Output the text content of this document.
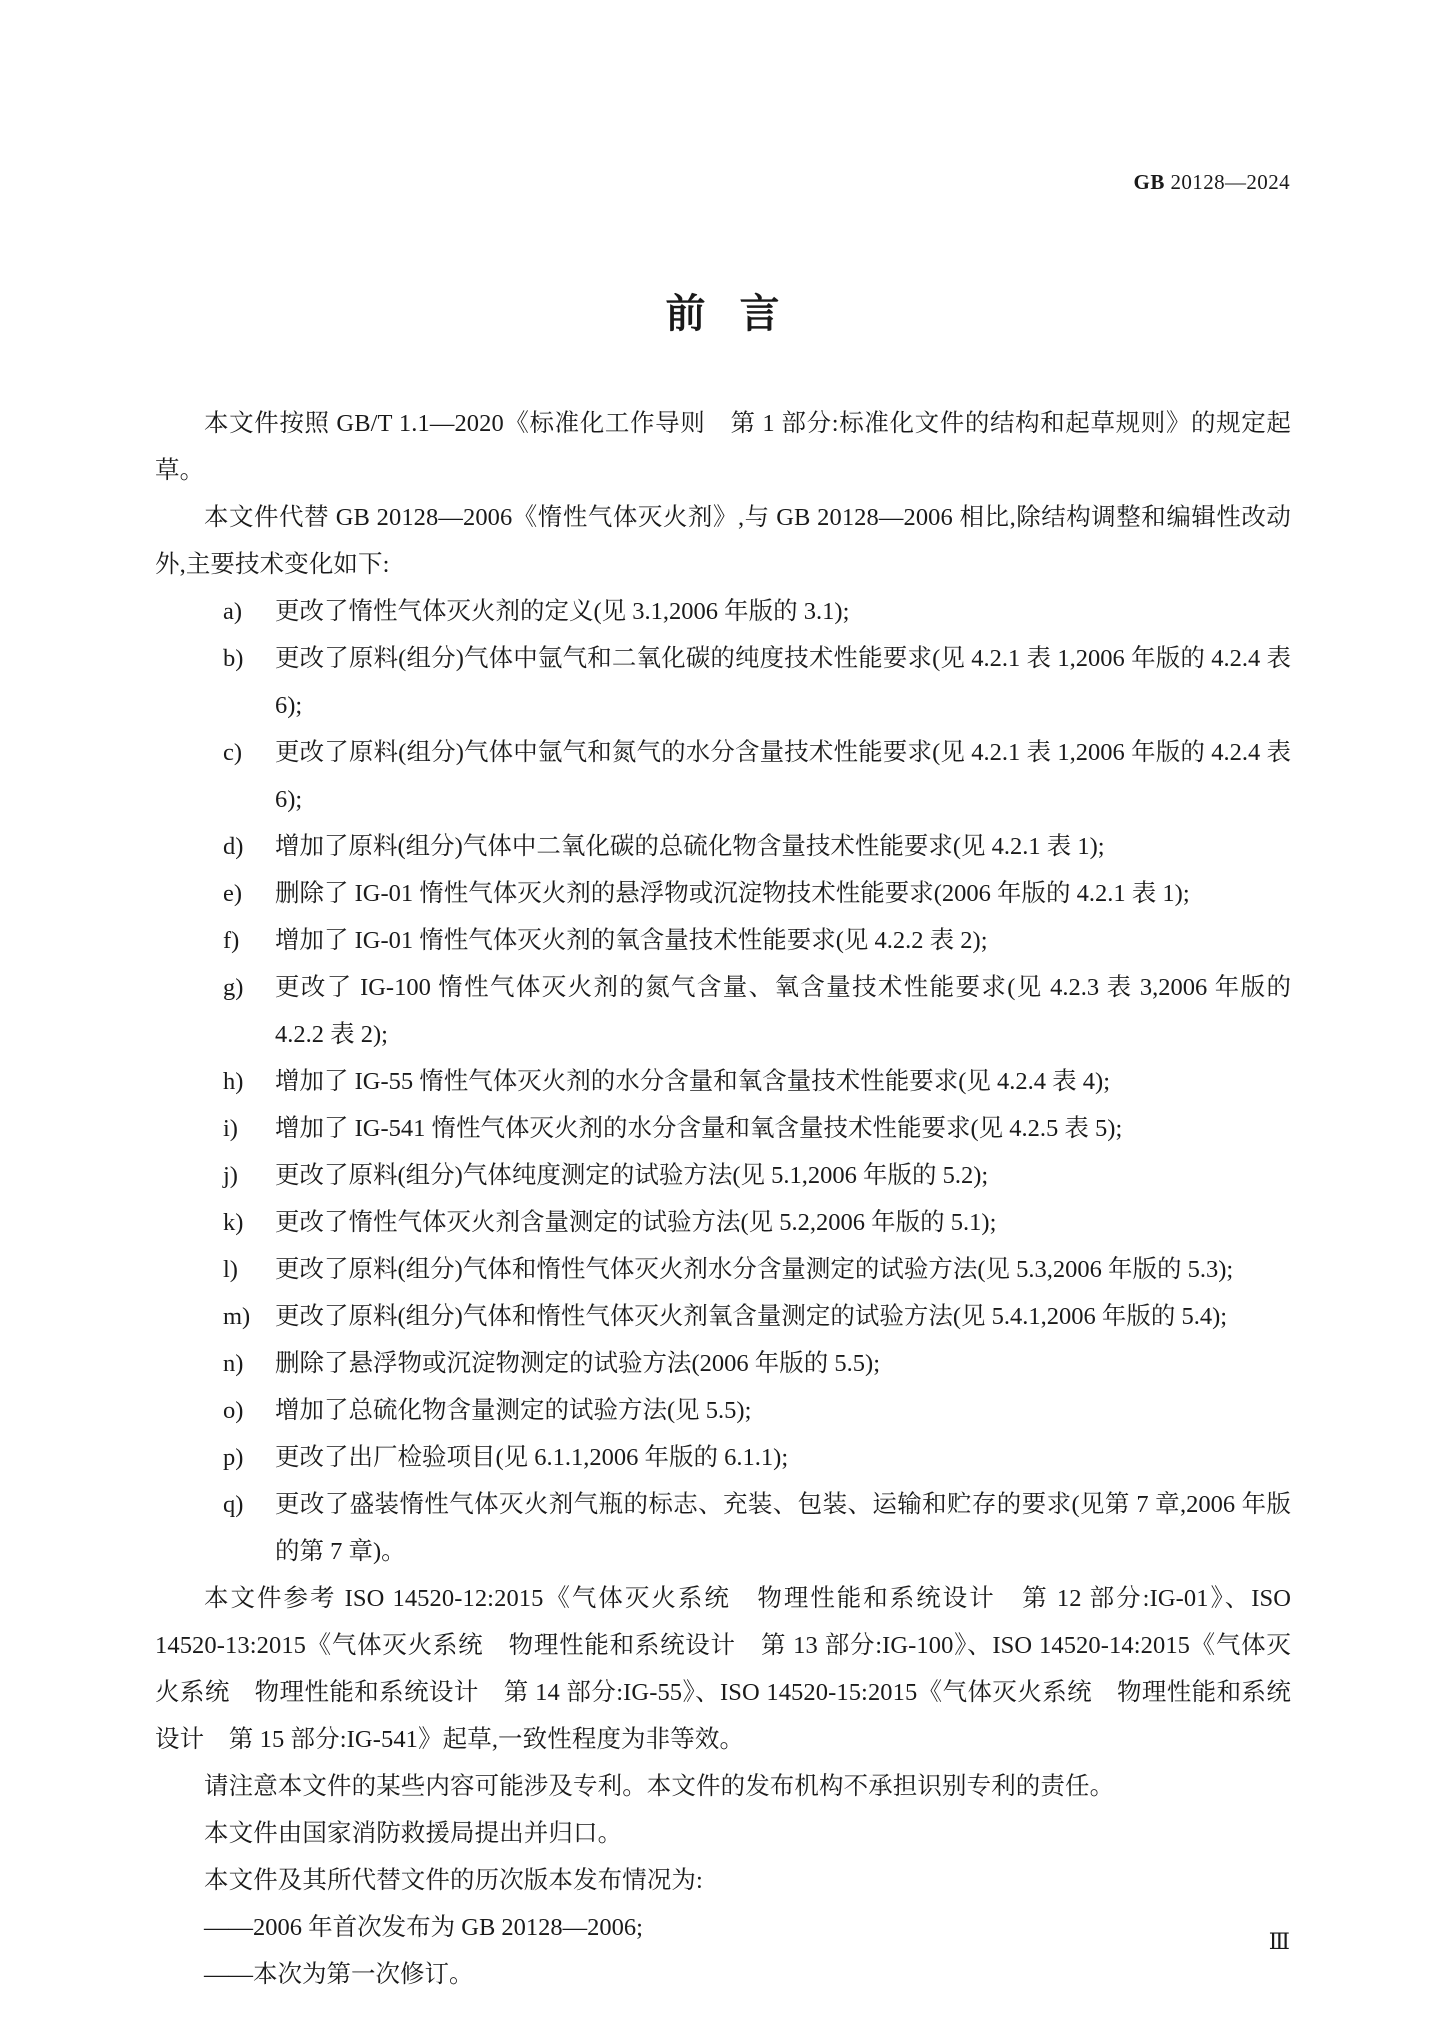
GB 20128—2024
前言

本文件按照 GB/T 1.1—2020《标准化工作导则　第 1 部分:标准化文件的结构和起草规则》的规定起草。

本文件代替 GB 20128—2006《惰性气体灭火剂》,与 GB 20128—2006 相比,除结构调整和编辑性改动外,主要技术变化如下:

a)	更改了惰性气体灭火剂的定义(见 3.1,2006 年版的 3.1);
b)	更改了原料(组分)气体中氩气和二氧化碳的纯度技术性能要求(见 4.2.1 表 1,2006 年版的 4.2.4 表 6);
c)	更改了原料(组分)气体中氩气和氮气的水分含量技术性能要求(见 4.2.1 表 1,2006 年版的 4.2.4 表 6);
d)	增加了原料(组分)气体中二氧化碳的总硫化物含量技术性能要求(见 4.2.1 表 1);
e)	删除了 IG-01 惰性气体灭火剂的悬浮物或沉淀物技术性能要求(2006 年版的 4.2.1 表 1);
f)	增加了 IG-01 惰性气体灭火剂的氧含量技术性能要求(见 4.2.2 表 2);
g)	更改了 IG-100 惰性气体灭火剂的氮气含量、氧含量技术性能要求(见 4.2.3 表 3,2006 年版的 4.2.2 表 2);
h)	增加了 IG-55 惰性气体灭火剂的水分含量和氧含量技术性能要求(见 4.2.4 表 4);
i)	增加了 IG-541 惰性气体灭火剂的水分含量和氧含量技术性能要求(见 4.2.5 表 5);
j)	更改了原料(组分)气体纯度测定的试验方法(见 5.1,2006 年版的 5.2);
k)	更改了惰性气体灭火剂含量测定的试验方法(见 5.2,2006 年版的 5.1);
l)	更改了原料(组分)气体和惰性气体灭火剂水分含量测定的试验方法(见 5.3,2006 年版的 5.3);
m)	更改了原料(组分)气体和惰性气体灭火剂氧含量测定的试验方法(见 5.4.1,2006 年版的 5.4);
n)	删除了悬浮物或沉淀物测定的试验方法(2006 年版的 5.5);
o)	增加了总硫化物含量测定的试验方法(见 5.5);
p)	更改了出厂检验项目(见 6.1.1,2006 年版的 6.1.1);
q)	更改了盛装惰性气体灭火剂气瓶的标志、充装、包装、运输和贮存的要求(见第 7 章,2006 年版的第 7 章)。

本文件参考 ISO 14520-12:2015《气体灭火系统　物理性能和系统设计　第 12 部分:IG-01》、ISO 14520-13:2015《气体灭火系统　物理性能和系统设计　第 13 部分:IG-100》、ISO 14520-14:2015《气体灭火系统　物理性能和系统设计　第 14 部分:IG-55》、ISO 14520-15:2015《气体灭火系统　物理性能和系统设计　第 15 部分:IG-541》起草,一致性程度为非等效。

请注意本文件的某些内容可能涉及专利。本文件的发布机构不承担识别专利的责任。

本文件由国家消防救援局提出并归口。

本文件及其所代替文件的历次版本发布情况为:

——2006 年首次发布为 GB 20128—2006;

——本次为第一次修订。

Ⅲ
